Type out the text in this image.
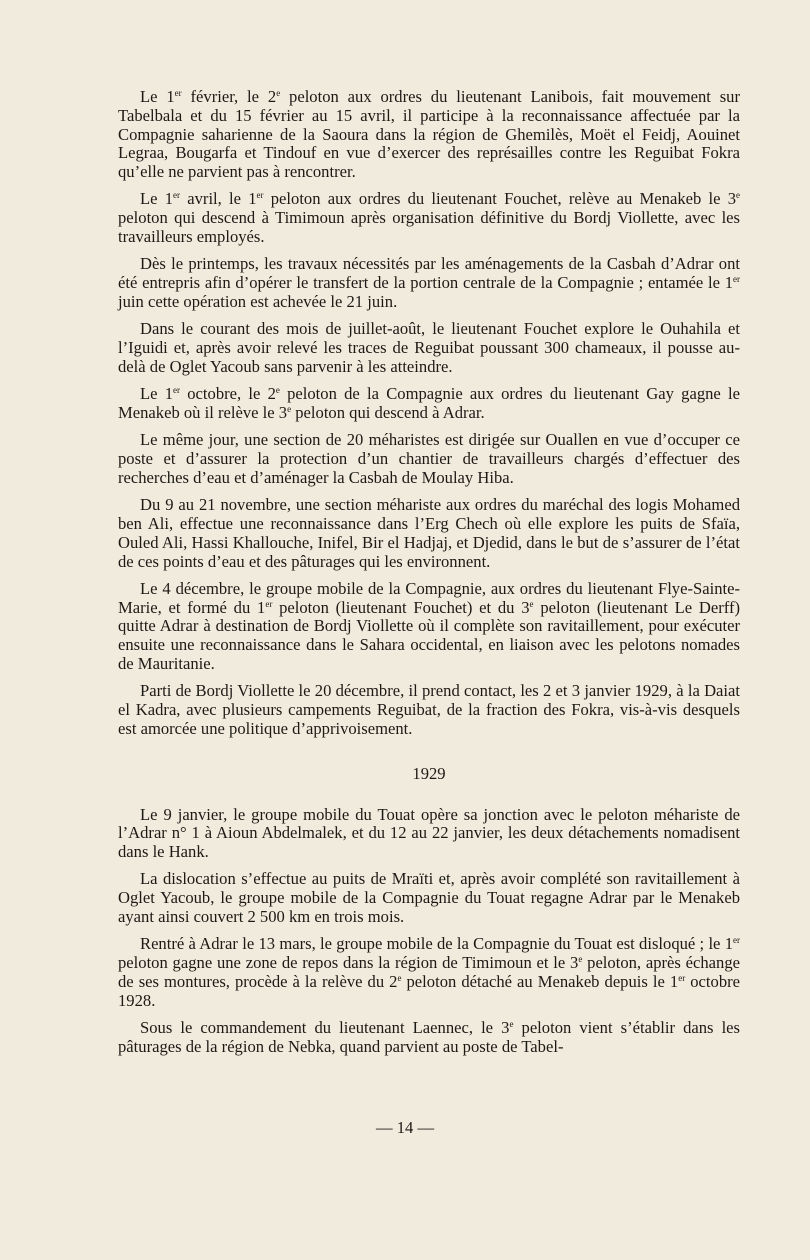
Le 1er février, le 2e peloton aux ordres du lieutenant Lanibois, fait mouvement sur Tabelbala et du 15 février au 15 avril, il participe à la reconnaissance affectuée par la Compagnie saharienne de la Saoura dans la région de Ghemilès, Moët el Feidj, Aouinet Legraa, Bougarfa et Tindouf en vue d’exercer des représailles contre les Reguibat Fokra qu’elle ne parvient pas à rencontrer.

Le 1er avril, le 1er peloton aux ordres du lieutenant Fouchet, relève au Menakeb le 3e peloton qui descend à Timimoun après organisation définitive du Bordj Viollette, avec les travailleurs employés.

Dès le printemps, les travaux nécessités par les aménagements de la Casbah d’Adrar ont été entrepris afin d’opérer le transfert de la portion centrale de la Compagnie ; entamée le 1er juin cette opération est achevée le 21 juin.

Dans le courant des mois de juillet-août, le lieutenant Fouchet explore le Ouhahila et l’Iguidi et, après avoir relevé les traces de Reguibat poussant 300 chameaux, il pousse au-delà de Oglet Yacoub sans parvenir à les atteindre.

Le 1er octobre, le 2e peloton de la Compagnie aux ordres du lieutenant Gay gagne le Menakeb où il relève le 3e peloton qui descend à Adrar.

Le même jour, une section de 20 méharistes est dirigée sur Ouallen en vue d’occuper ce poste et d’assurer la protection d’un chantier de travailleurs chargés d’effectuer des recherches d’eau et d’aménager la Casbah de Moulay Hiba.

Du 9 au 21 novembre, une section méhariste aux ordres du maréchal des logis Mohamed ben Ali, effectue une reconnaissance dans l’Erg Chech où elle explore les puits de Sfaïa, Ouled Ali, Hassi Khallouche, Inifel, Bir el Hadjaj, et Djedid, dans le but de s’assurer de l’état de ces points d’eau et des pâturages qui les environnent.

Le 4 décembre, le groupe mobile de la Compagnie, aux ordres du lieutenant Flye-Sainte-Marie, et formé du 1er peloton (lieutenant Fouchet) et du 3e peloton (lieutenant Le Derff) quitte Adrar à destination de Bordj Viollette où il complète son ravitaillement, pour exécuter ensuite une reconnaissance dans le Sahara occidental, en liaison avec les pelotons nomades de Mauritanie.

Parti de Bordj Viollette le 20 décembre, il prend contact, les 2 et 3 janvier 1929, à la Daiat el Kadra, avec plusieurs campements Reguibat, de la fraction des Fokra, vis-à-vis desquels est amorcée une politique d’apprivoisement.

1929

Le 9 janvier, le groupe mobile du Touat opère sa jonction avec le peloton méhariste de l’Adrar n° 1 à Aioun Abdelmalek, et du 12 au 22 janvier, les deux détachements nomadisent dans le Hank.

La dislocation s’effectue au puits de Mraïti et, après avoir complété son ravitaillement à Oglet Yacoub, le groupe mobile de la Compagnie du Touat regagne Adrar par le Menakeb ayant ainsi couvert 2 500 km en trois mois.

Rentré à Adrar le 13 mars, le groupe mobile de la Compagnie du Touat est disloqué ; le 1er peloton gagne une zone de repos dans la région de Timimoun et le 3e peloton, après échange de ses montures, procède à la relève du 2e peloton détaché au Menakeb depuis le 1er octobre 1928.

Sous le commandement du lieutenant Laennec, le 3e peloton vient s’établir dans les pâturages de la région de Nebka, quand parvient au poste de Tabel-

— 14 —
